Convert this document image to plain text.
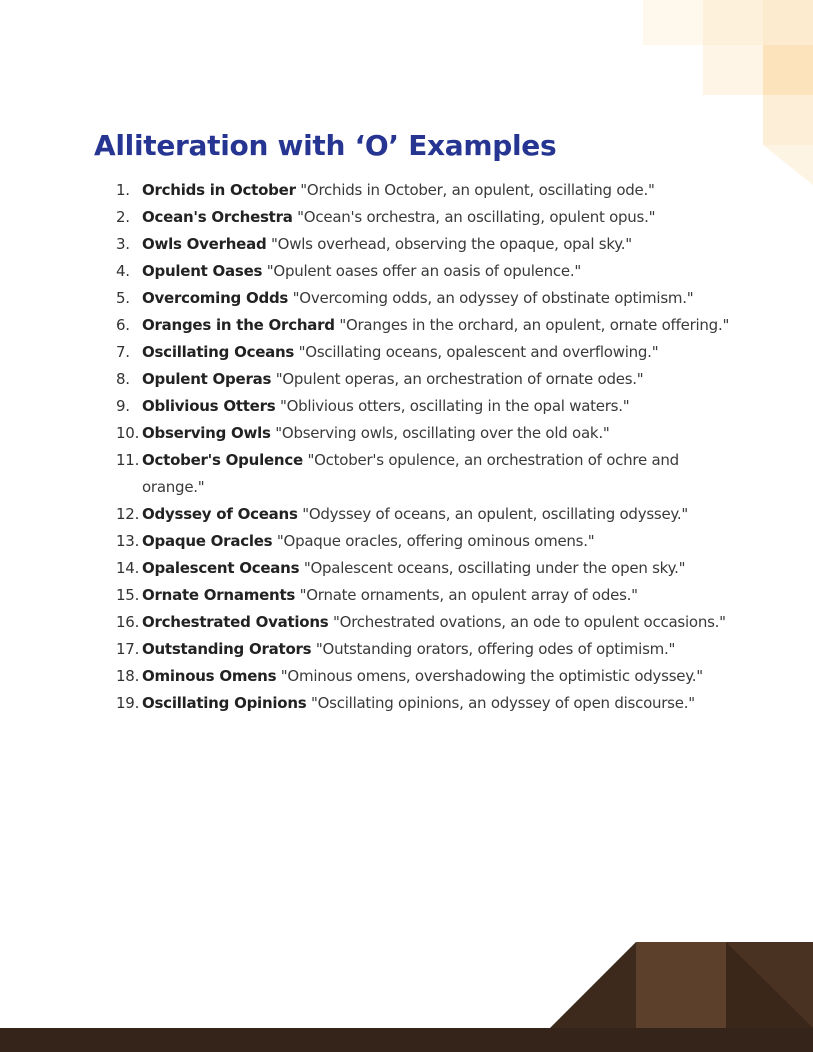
Alliteration with ‘O’ Examples
1. Orchids in October "Orchids in October, an opulent, oscillating ode."
2. Ocean's Orchestra "Ocean's orchestra, an oscillating, opulent opus."
3. Owls Overhead "Owls overhead, observing the opaque, opal sky."
4. Opulent Oases "Opulent oases offer an oasis of opulence."
5. Overcoming Odds "Overcoming odds, an odyssey of obstinate optimism."
6. Oranges in the Orchard "Oranges in the orchard, an opulent, ornate offering."
7. Oscillating Oceans "Oscillating oceans, opalescent and overflowing."
8. Opulent Operas "Opulent operas, an orchestration of ornate odes."
9. Oblivious Otters "Oblivious otters, oscillating in the opal waters."
10. Observing Owls "Observing owls, oscillating over the old oak."
11. October's Opulence "October's opulence, an orchestration of ochre and orange."
12. Odyssey of Oceans "Odyssey of oceans, an opulent, oscillating odyssey."
13. Opaque Oracles "Opaque oracles, offering ominous omens."
14. Opalescent Oceans "Opalescent oceans, oscillating under the open sky."
15. Ornate Ornaments "Ornate ornaments, an opulent array of odes."
16. Orchestrated Ovations "Orchestrated ovations, an ode to opulent occasions."
17. Outstanding Orators "Outstanding orators, offering odes of optimism."
18. Ominous Omens "Ominous omens, overshadowing the optimistic odyssey."
19. Oscillating Opinions "Oscillating opinions, an odyssey of open discourse."
